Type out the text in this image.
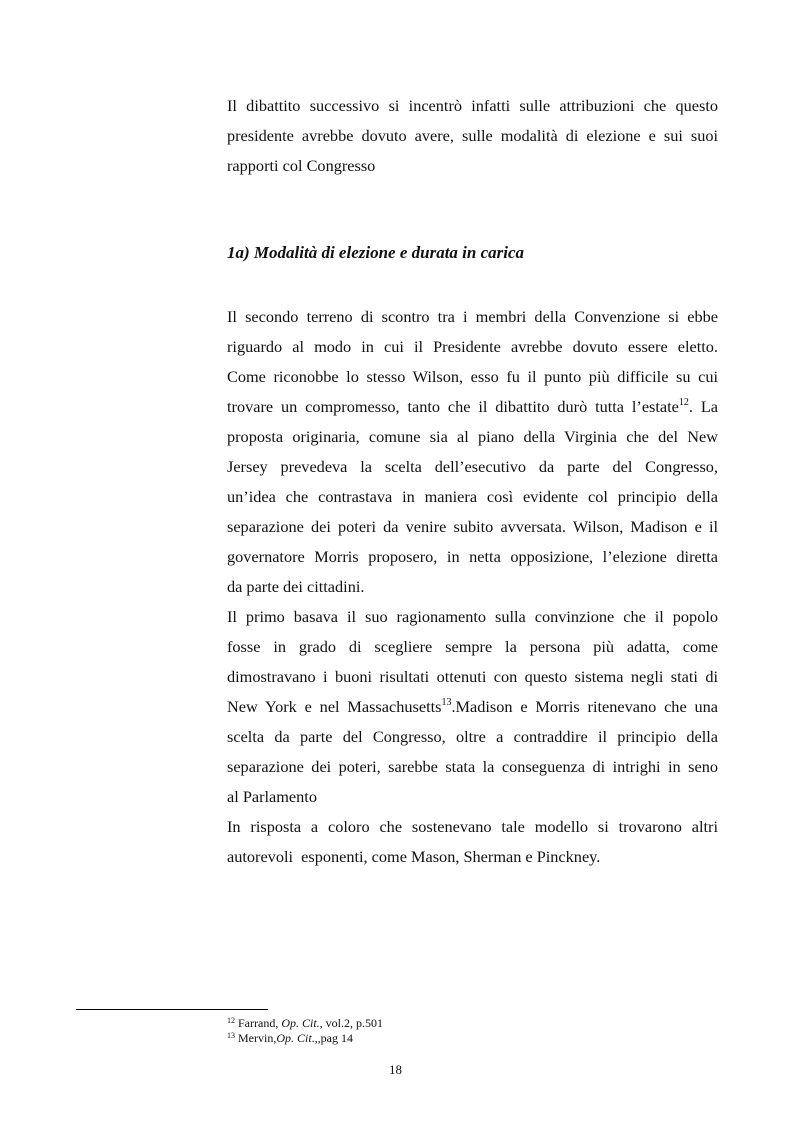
Il dibattito successivo si incentrò infatti sulle attribuzioni che questo
presidente avrebbe dovuto avere, sulle modalità di elezione e sui suoi
rapporti col Congresso

1a) Modalità di elezione e durata in carica

Il secondo terreno di scontro tra i membri della Convenzione si ebbe
riguardo al modo in cui il Presidente avrebbe dovuto essere eletto.
Come riconobbe lo stesso Wilson, esso fu il punto più difficile su cui
trovare un compromesso, tanto che il dibattito durò tutta l’estate$^{12}$. La
proposta originaria, comune sia al piano della Virginia che del New
Jersey prevedeva la scelta dell’esecutivo da parte del Congresso,
un’idea che contrastava in maniera così evidente col principio della
separazione dei poteri da venire subito avversata. Wilson, Madison e il
governatore Morris proposero, in netta opposizione, l’elezione diretta
da parte dei cittadini.

Il primo basava il suo ragionamento sulla convinzione che il popolo
fosse in grado di scegliere sempre la persona più adatta, come
dimostravano i buoni risultati ottenuti con questo sistema negli stati di
New York e nel Massachusetts$^{13}$.Madison e Morris ritenevano che una
scelta da parte del Congresso, oltre a contraddire il principio della
separazione dei poteri, sarebbe stata la conseguenza di intrighi in seno
al Parlamento

In risposta a coloro che sostenevano tale modello si trovarono altri
autorevoli  esponenti, come Mason, Sherman e Pinckney.

$^{12}$ Farrand, Op. Cit., vol.2, p.501
$^{13}$ Mervin,Op. Cit.,,pag 14
18
